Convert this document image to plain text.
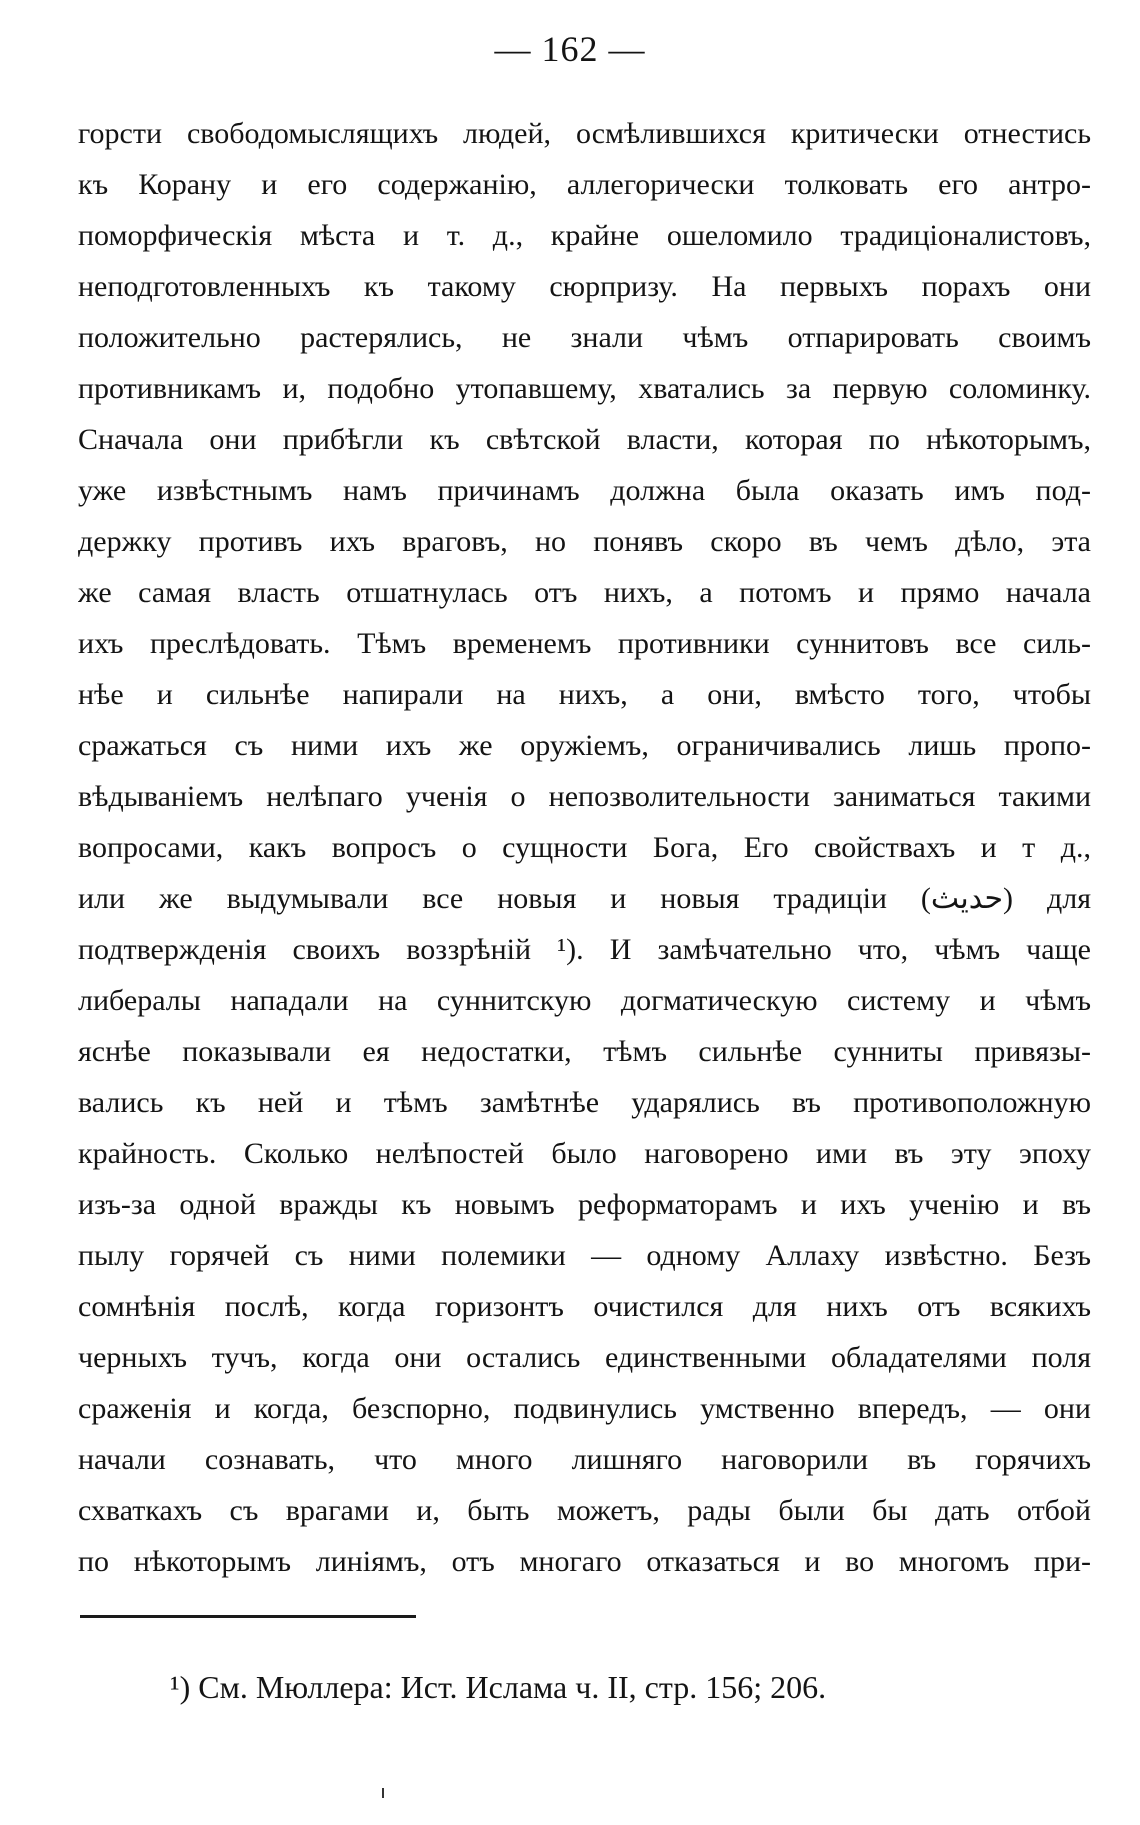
— 162 —
горсти свободомыслящихъ людей, осмѣлившихся критически отнестись
къ Корану и его содержанію, аллегорически толковать его антро-
поморфическія мѣста и т. д., крайне ошеломило традиціоналистовъ,
неподготовленныхъ къ такому сюрпризу. На первыхъ порахъ они
положительно растерялись, не знали чѣмъ отпарировать своимъ
противникамъ и, подобно утопавшему, хватались за первую соломинку.
Сначала они прибѣгли къ свѣтской власти, которая по нѣкоторымъ,
уже извѣстнымъ намъ причинамъ должна была оказать имъ под-
держку противъ ихъ враговъ, но понявъ скоро въ чемъ дѣло, эта
же самая власть отшатнулась отъ нихъ, а потомъ и прямо начала
ихъ преслѣдовать. Тѣмъ временемъ противники суннитовъ все силь-
нѣе и сильнѣе напирали на нихъ, а они, вмѣсто того, чтобы
сражаться съ ними ихъ же оружіемъ, ограничивались лишь пропо-
вѣдываніемъ нелѣпаго ученія о непозволительности заниматься такими
вопросами, какъ вопросъ о сущности Бога, Его свойствахъ и т д.,
или же выдумывали все новыя и новыя традиціи (حديث) для
подтвержденія своихъ воззрѣній ¹). И замѣчательно что, чѣмъ чаще
либералы нападали на суннитскую догматическую систему и чѣмъ
яснѣе показывали ея недостатки, тѣмъ сильнѣе сунниты привязы-
вались къ ней и тѣмъ замѣтнѣе ударялись въ противоположную
крайность. Сколько нелѣпостей было наговорено ими въ эту эпоху
изъ-за одной вражды къ новымъ реформаторамъ и ихъ ученію и въ
пылу горячей съ ними полемики — одному Аллаху извѣстно. Безъ
сомнѣнія послѣ, когда горизонтъ очистился для нихъ отъ всякихъ
черныхъ тучъ, когда они остались единственными обладателями поля
сраженія и когда, безспорно, подвинулись умственно впередъ, — они
начали сознавать, что много лишняго наговорили въ горячихъ
схваткахъ съ врагами и, быть можетъ, рады были бы дать отбой
по нѣкоторымъ линіямъ, отъ многаго отказаться и во многомъ при-
¹) См. Мюллера: Ист. Ислама ч. II, стр. 156; 206.
